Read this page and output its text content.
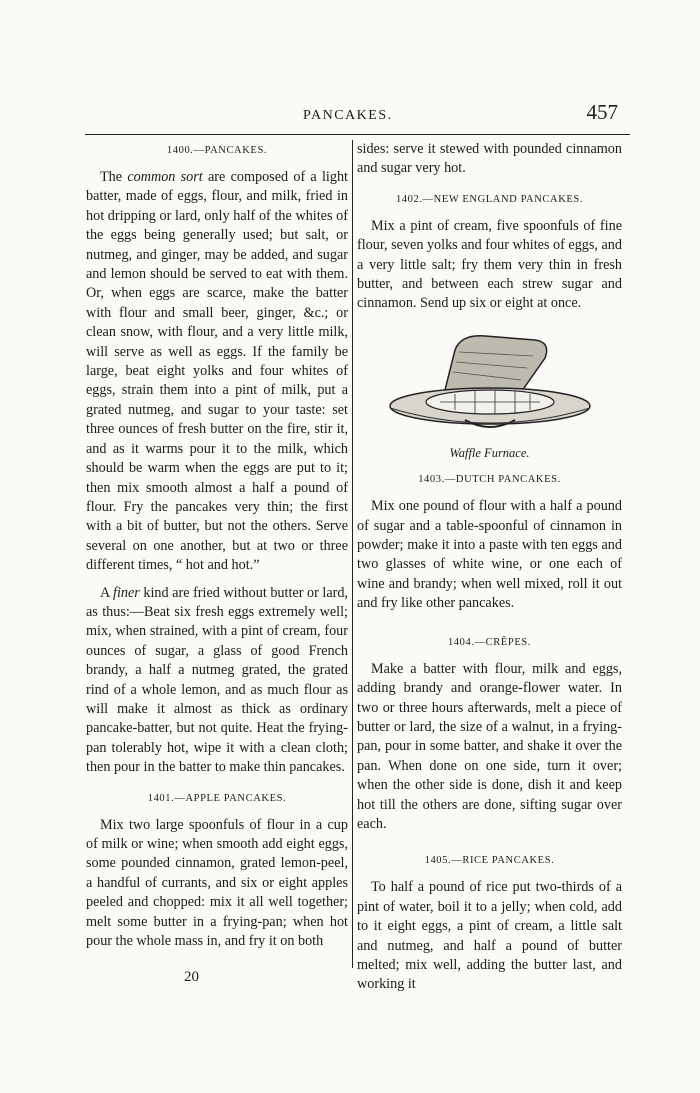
PANCAKES.	457
1400.—PANCAKES.

The common sort are composed of a light batter, made of eggs, flour, and milk, fried in hot dripping or lard, only half of the whites of the eggs being generally used; but salt, or nutmeg, and ginger, may be added, and sugar and lemon should be served to eat with them. Or, when eggs are scarce, make the batter with flour and small beer, ginger, &c.; or clean snow, with flour, and a very little milk, will serve as well as eggs. If the family be large, beat eight yolks and four whites of eggs, strain them into a pint of milk, put a grated nutmeg, and sugar to your taste: set three ounces of fresh butter on the fire, stir it, and as it warms pour it to the milk, which should be warm when the eggs are put to it; then mix smooth almost a half a pound of flour. Fry the pancakes very thin; the first with a bit of butter, but not the others. Serve several on one another, but at two or three different times, “ hot and hot.”

A finer kind are fried without butter or lard, as thus:—Beat six fresh eggs extremely well; mix, when strained, with a pint of cream, four ounces of sugar, a glass of good French brandy, a half a nutmeg grated, the grated rind of a whole lemon, and as much flour as will make it almost as thick as ordinary pancake-batter, but not quite. Heat the frying-pan tolerably hot, wipe it with a clean cloth; then pour in the batter to make thin pancakes.

1401.—APPLE PANCAKES.

Mix two large spoonfuls of flour in a cup of milk or wine; when smooth add eight eggs, some pounded cinnamon, grated lemon-peel, a handful of currants, and six or eight apples peeled and chopped: mix it all well together; melt some butter in a frying-pan; when hot pour the whole mass in, and fry it on both

sides: serve it stewed with pounded cinnamon and sugar very hot.

1402.—NEW ENGLAND PANCAKES.

Mix a pint of cream, five spoonfuls of fine flour, seven yolks and four whites of eggs, and a very little salt; fry them very thin in fresh butter, and between each strew sugar and cinnamon. Send up six or eight at once.

Waffle Furnace.
1403.—DUTCH PANCAKES.

Mix one pound of flour with a half a pound of sugar and a table-spoonful of cinnamon in powder; make it into a paste with ten eggs and two glasses of white wine, or one each of wine and brandy; when well mixed, roll it out and fry like other pancakes.

1404.—CRÊPES.

Make a batter with flour, milk and eggs, adding brandy and orange-flower water. In two or three hours afterwards, melt a piece of butter or lard, the size of a walnut, in a frying-pan, pour in some batter, and shake it over the pan. When done on one side, turn it over; when the other side is done, dish it and keep hot till the others are done, sifting sugar over each.

1405.—RICE PANCAKES.

To half a pound of rice put two-thirds of a pint of water, boil it to a jelly; when cold, add to it eight eggs, a pint of cream, a little salt and nutmeg, and half a pound of butter melted; mix well, adding the butter last, and working it

20
